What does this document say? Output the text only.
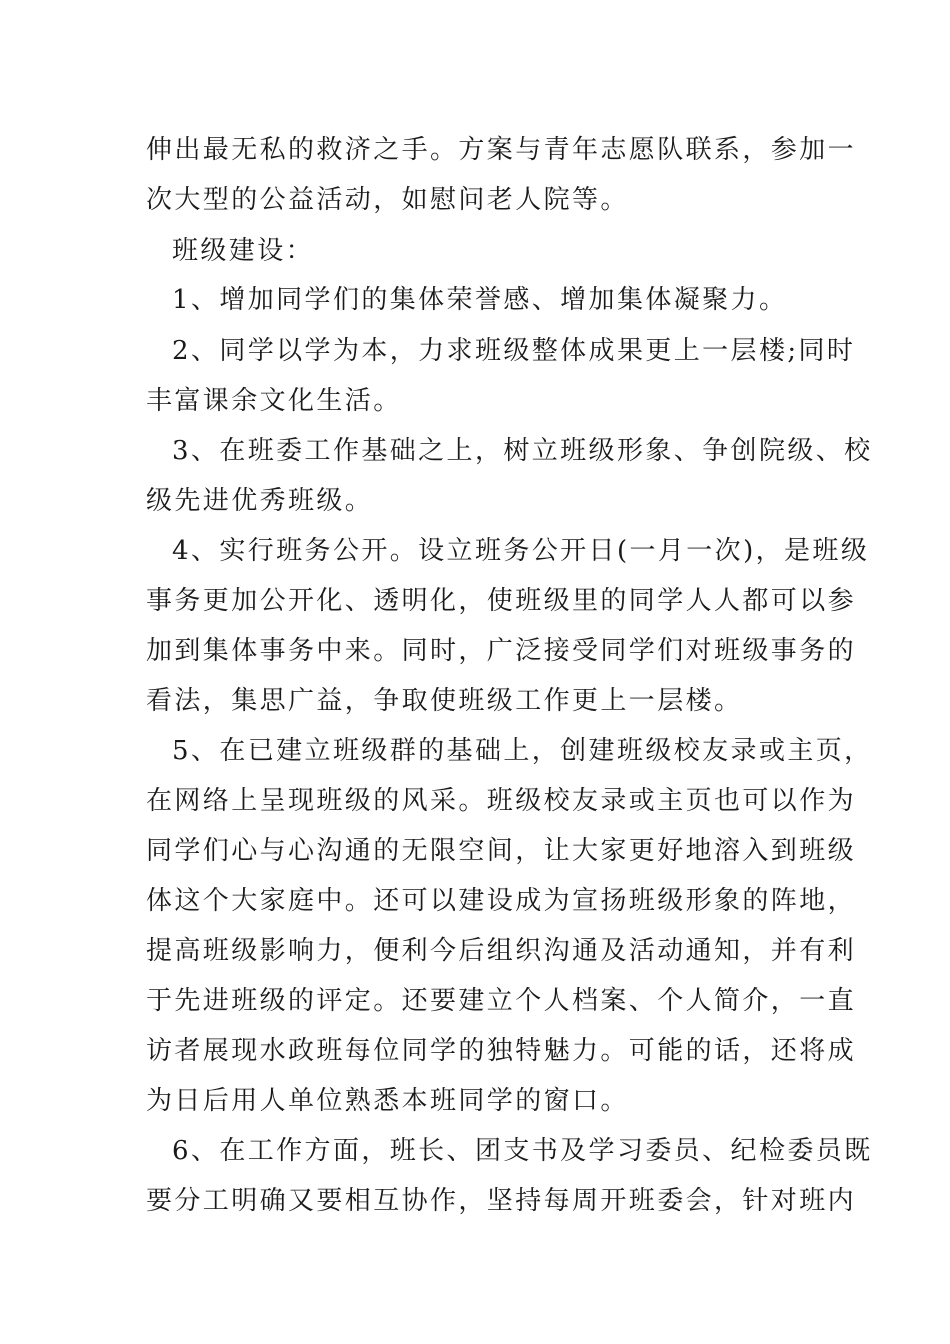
伸出最无私的救济之手。方案与青年志愿队联系，参加一
次大型的公益活动，如慰问老人院等。
班级建设：
1、增加同学们的集体荣誉感、增加集体凝聚力。
2、同学以学为本，力求班级整体成果更上一层楼;同时
丰富课余文化生活。
3、在班委工作基础之上，树立班级形象、争创院级、校
级先进优秀班级。
4、实行班务公开。设立班务公开日(一月一次)，是班级
事务更加公开化、透明化，使班级里的同学人人都可以参
加到集体事务中来。同时，广泛接受同学们对班级事务的
看法，集思广益，争取使班级工作更上一层楼。
5、在已建立班级群的基础上，创建班级校友录或主页，
在网络上呈现班级的风采。班级校友录或主页也可以作为
同学们心与心沟通的无限空间，让大家更好地溶入到班级
体这个大家庭中。还可以建设成为宣扬班级形象的阵地，
提高班级影响力，便利今后组织沟通及活动通知，并有利
于先进班级的评定。还要建立个人档案、个人简介，一直
访者展现水政班每位同学的独特魅力。可能的话，还将成
为日后用人单位熟悉本班同学的窗口。
6、在工作方面，班长、团支书及学习委员、纪检委员既
要分工明确又要相互协作，坚持每周开班委会，针对班内
